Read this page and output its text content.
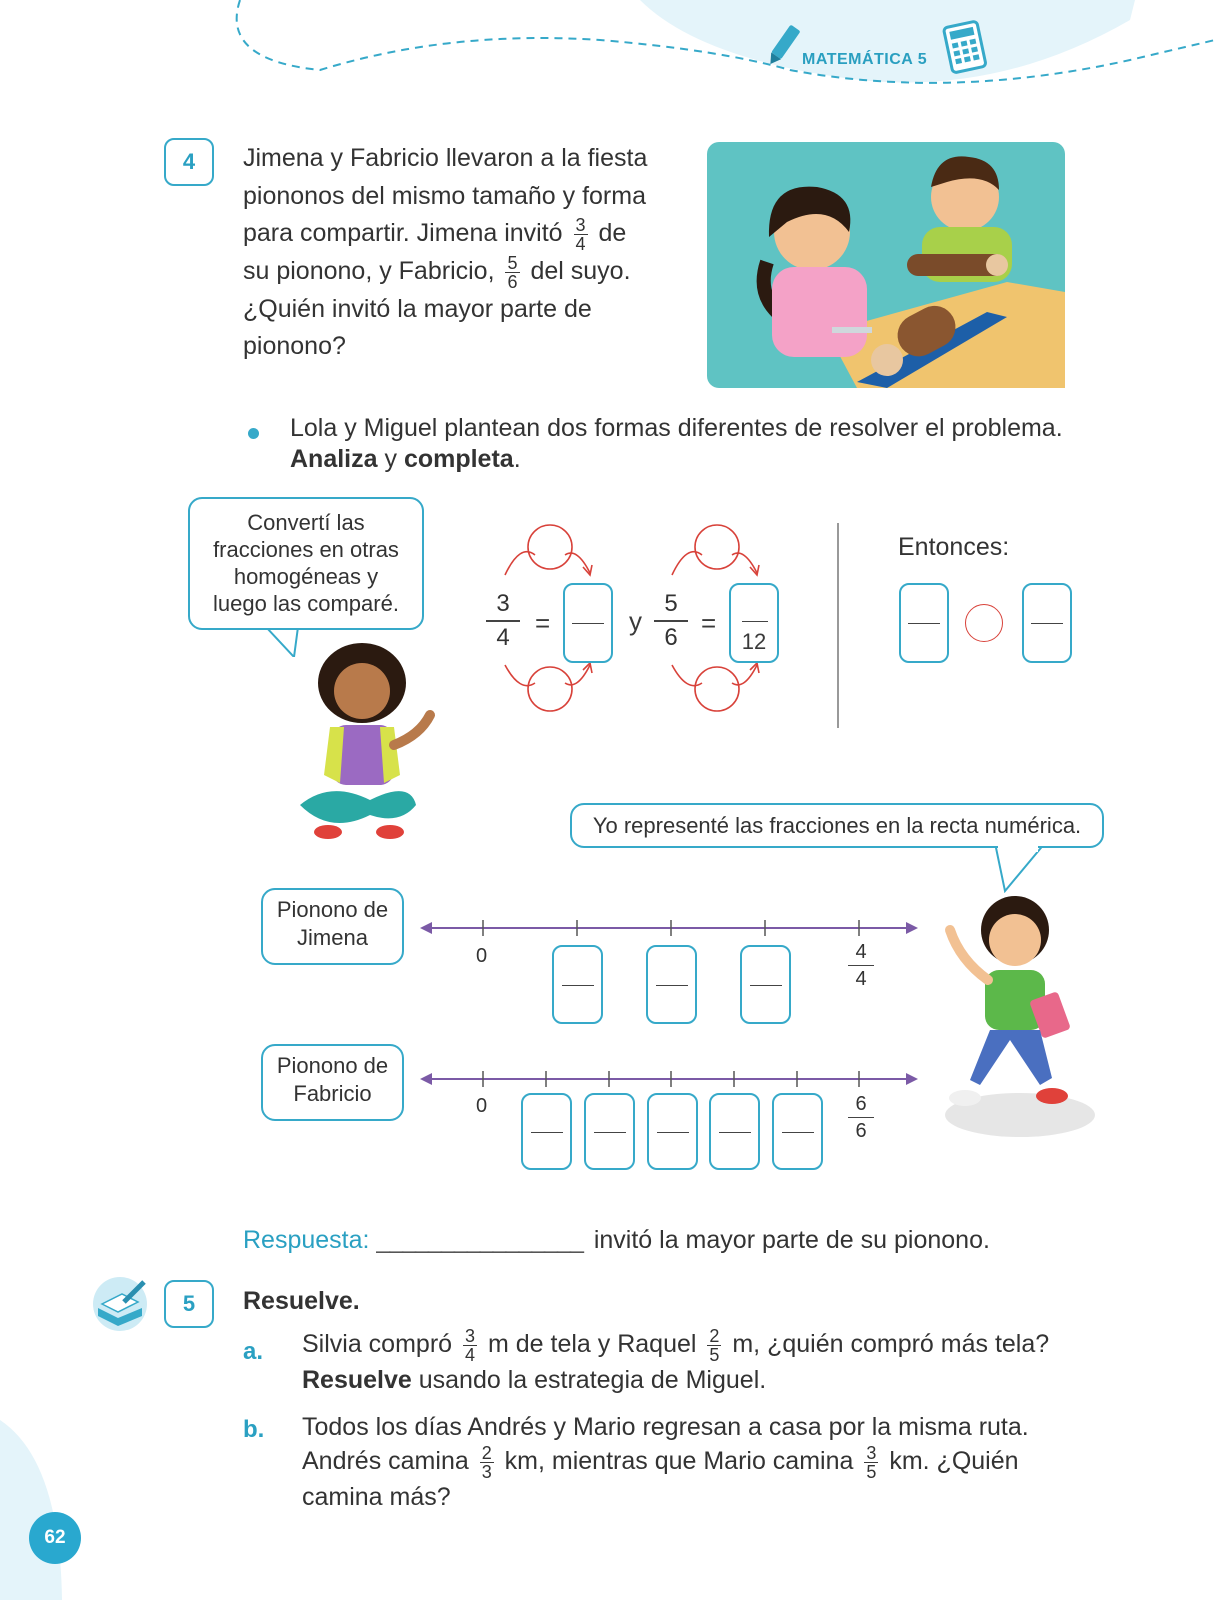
MATEMÁTICA 5
4	Jimena y Fabricio llevaron a la fiesta
piononos del mismo tamaño y forma
para compartir. Jimena invitó $\frac{3}{4}$ de
su pionono, y Fabricio, $\frac{5}{6}$ del suyo.
¿Quién invitó la mayor parte de
pionono?
Lola y Miguel plantean dos formas diferentes de resolver el problema.
Analiza y completa.
Convertí las
fracciones en otras
homogéneas y
luego las comparé.	$\frac{3}{4}$ =	y $\frac{5}{6}$ =
12
Entonces:
Yo representé las fracciones en la recta numérica.
Pionono de Jimena
0	$\frac{4}{4}$
Pionono de Fabricio	0	$\frac{6}{6}$
Respuesta: ________________ invitó la mayor parte de su pionono.
5	Resuelve.
a. Silvia compró $\frac{3}{4}$ m de tela y Raquel $\frac{2}{5} m$, ¿quién compró más tela?
Resuelve usando la estrategia de Miguel.
b. Todos los días Andrés y Mario regresan a casa por la misma ruta.
Andrés camina $\frac{2}{3}$ km, mientras que Mario camina $\frac{3}{5}$ km. ¿Quién
camina más?
62
